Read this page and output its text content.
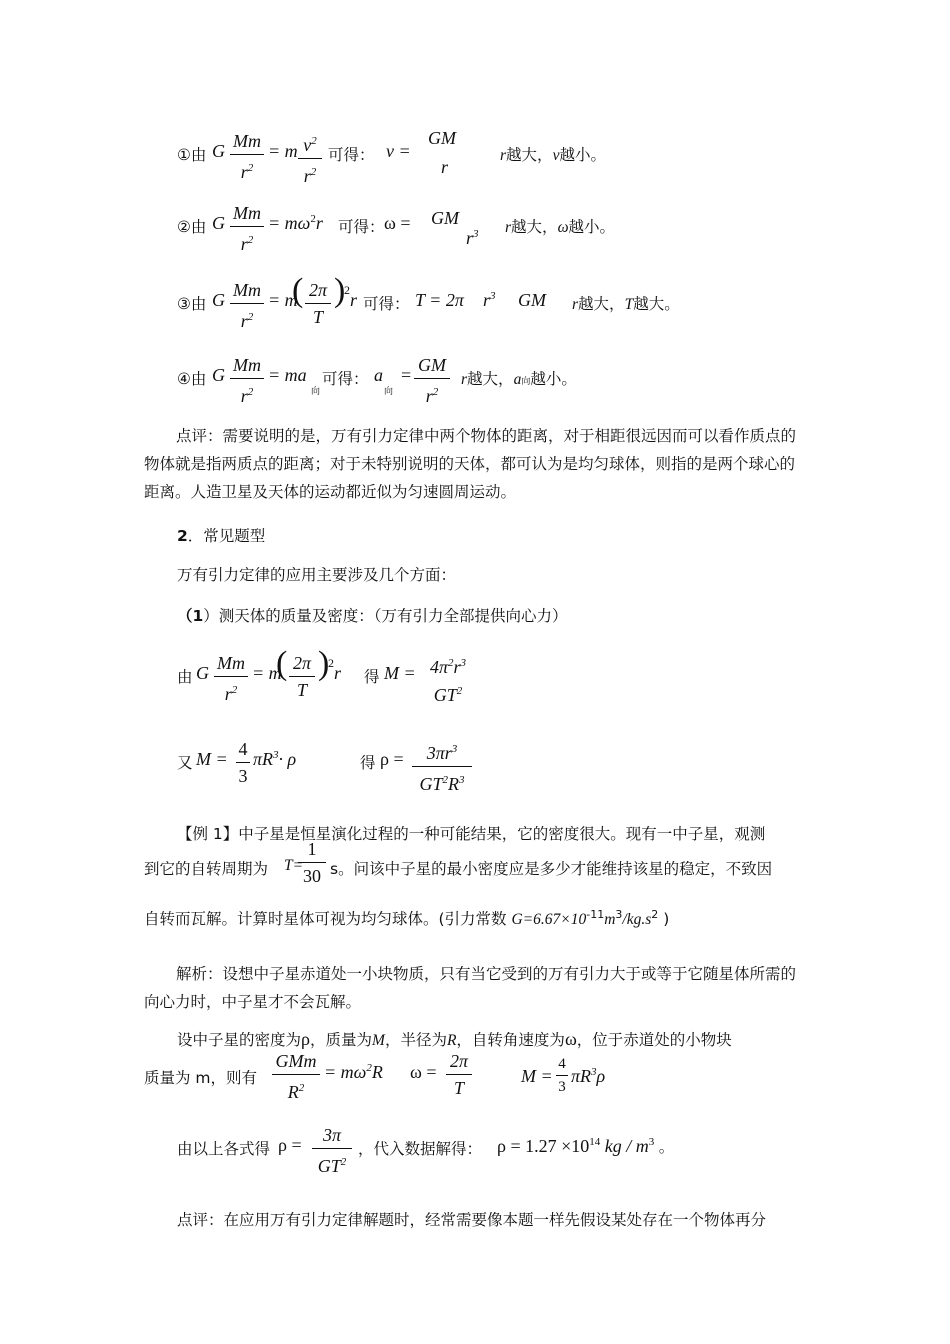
①由 G Mm
$r^2$
= m $v^2$
$r^2$
可得： v =
GM
r
r越大，v越小。
②由 G Mm
$r^2$
= $m\omega^2r$ 可得： ω = GM
$r^3$ r越大，ω越小。
③由 G Mm
$r^2$
= m
( 2π
T
)
2 r 可得： T = 2π $r^3$ GM r越大，T越大。
④由 G Mm
$r^2$
= ma
向
可得： a
向
= GM
$r^2$
r越大，a向越小。
点评：需要说明的是，万有引力定律中两个物体的距离，对于相距很远因而可以看作质点的物体就是指两质点的距离；对于未特别说明的天体，都可认为是均匀球体，则指的是两个球心的距离。人造卫星及天体的运动都近似为匀速圆周运动。
2．常见题型
万有引力定律的应用主要涉及几个方面：
（1）测天体的质量及密度：（万有引力全部提供向心力）
由 G Mm
$r^2$
= m
( 2π
T
)
2 r 得 $M = 4\pi^2r^3$
$GT^2$
又 M = 4
3
$\pi R^3\cdot \rho$	得 ρ =	$3\pi r^3$
$GT^2R^3$
【例 1】中子星是恒星演化过程的一种可能结果，它的密度很大。现有一中子星，观测
到它的自转周期为 T=
1
30 s。问该中子星的最小密度应是多少才能维持该星的稳定，不致因
自转而瓦解。计算时星体可视为均匀球体。(引力常数 $G=6.67\times 10^{-11}m^3/kg.s^2$ )
解析：设想中子星赤道处一小块物质，只有当它受到的万有引力大于或等于它随星体所需的向心力时，中子星才不会瓦解。
设中子星的密度为ρ，质量为M，半径为R，自转角速度为ω，位于赤道处的小物块
质量为 m，则有
GMm
$R^2$
= $m\omega^2R$ ω =
2π
T
M =
4
3
$\pi R^3\rho$
由以上各式得 ρ =	3π
$GT^2$
，代入数据解得： $\rho = 1.27 \times 10^{14}$ kg / $m^3$ 。
点评：在应用万有引力定律解题时，经常需要像本题一样先假设某处存在一个物体再分
